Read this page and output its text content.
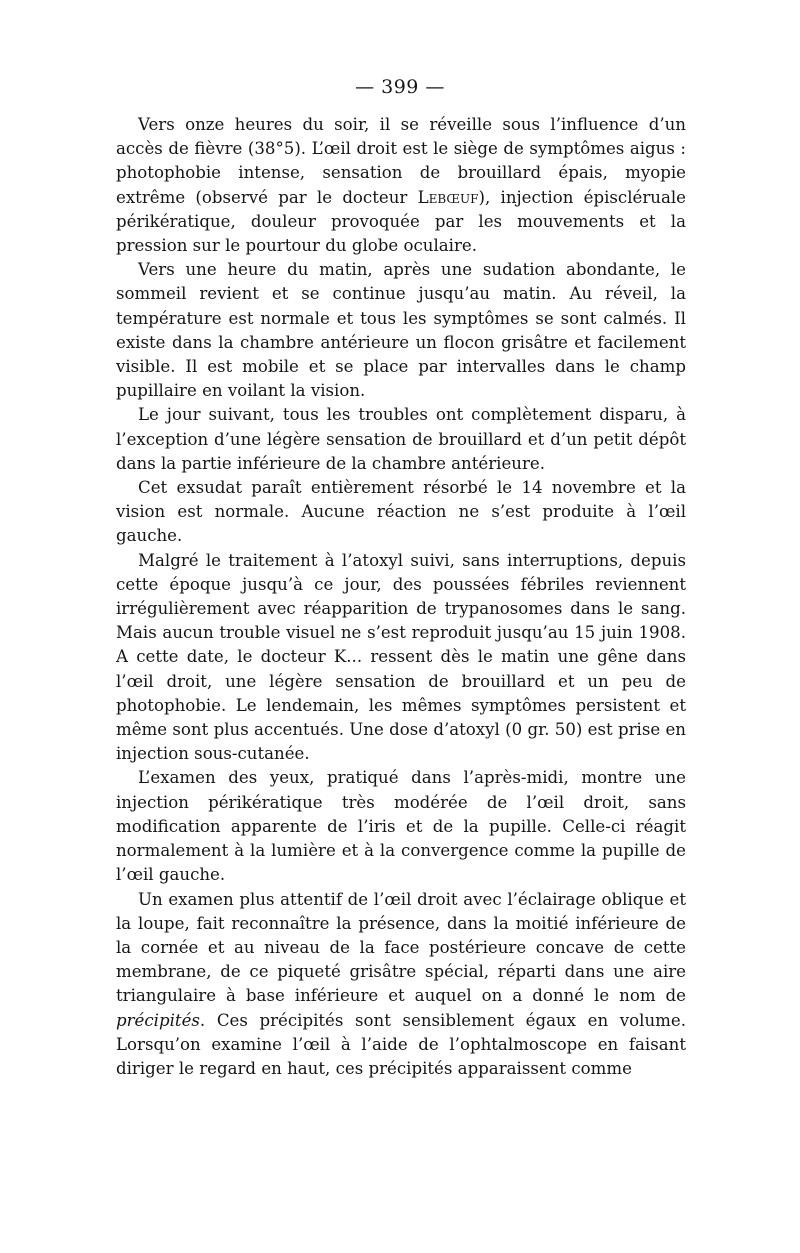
— 399 —

Vers onze heures du soir, il se réveille sous l’influence d’un accès de fièvre (38°5). L’œil droit est le siège de symptômes aigus : photophobie intense, sensation de brouillard épais, myopie extrême (observé par le docteur Lebœuf), injection épiscléruale périkératique, douleur provoquée par les mouvements et la pression sur le pourtour du globe oculaire.

Vers une heure du matin, après une sudation abondante, le sommeil revient et se continue jusqu’au matin. Au réveil, la température est normale et tous les symptômes se sont calmés. Il existe dans la chambre antérieure un flocon grisâtre et facilement visible. Il est mobile et se place par intervalles dans le champ pupillaire en voilant la vision.

Le jour suivant, tous les troubles ont complètement disparu, à l’exception d’une légère sensation de brouillard et d’un petit dépôt dans la partie inférieure de la chambre antérieure.

Cet exsudat paraît entièrement résorbé le 14 novembre et la vision est normale. Aucune réaction ne s’est produite à l’œil gauche.

Malgré le traitement à l’atoxyl suivi, sans interruptions, depuis cette époque jusqu’à ce jour, des poussées fébriles reviennent irrégulièrement avec réapparition de trypanosomes dans le sang. Mais aucun trouble visuel ne s’est reproduit jusqu’au 15 juin 1908. A cette date, le docteur K... ressent dès le matin une gêne dans l’œil droit, une légère sensation de brouillard et un peu de photophobie. Le lendemain, les mêmes symptômes persistent et même sont plus accentués. Une dose d’atoxyl (0 gr. 50) est prise en injection sous-cutanée.

L’examen des yeux, pratiqué dans l’après-midi, montre une injection périkératique très modérée de l’œil droit, sans modification apparente de l’iris et de la pupille. Celle-ci réagit normalement à la lumière et à la convergence comme la pupille de l’œil gauche.

Un examen plus attentif de l’œil droit avec l’éclairage oblique et la loupe, fait reconnaître la présence, dans la moitié inférieure de la cornée et au niveau de la face postérieure concave de cette membrane, de ce piqueté grisâtre spécial, réparti dans une aire triangulaire à base inférieure et auquel on a donné le nom de précipités. Ces précipités sont sensiblement égaux en volume. Lorsqu’on examine l’œil à l’aide de l’ophtalmoscope en faisant diriger le regard en haut, ces précipités apparaissent comme
